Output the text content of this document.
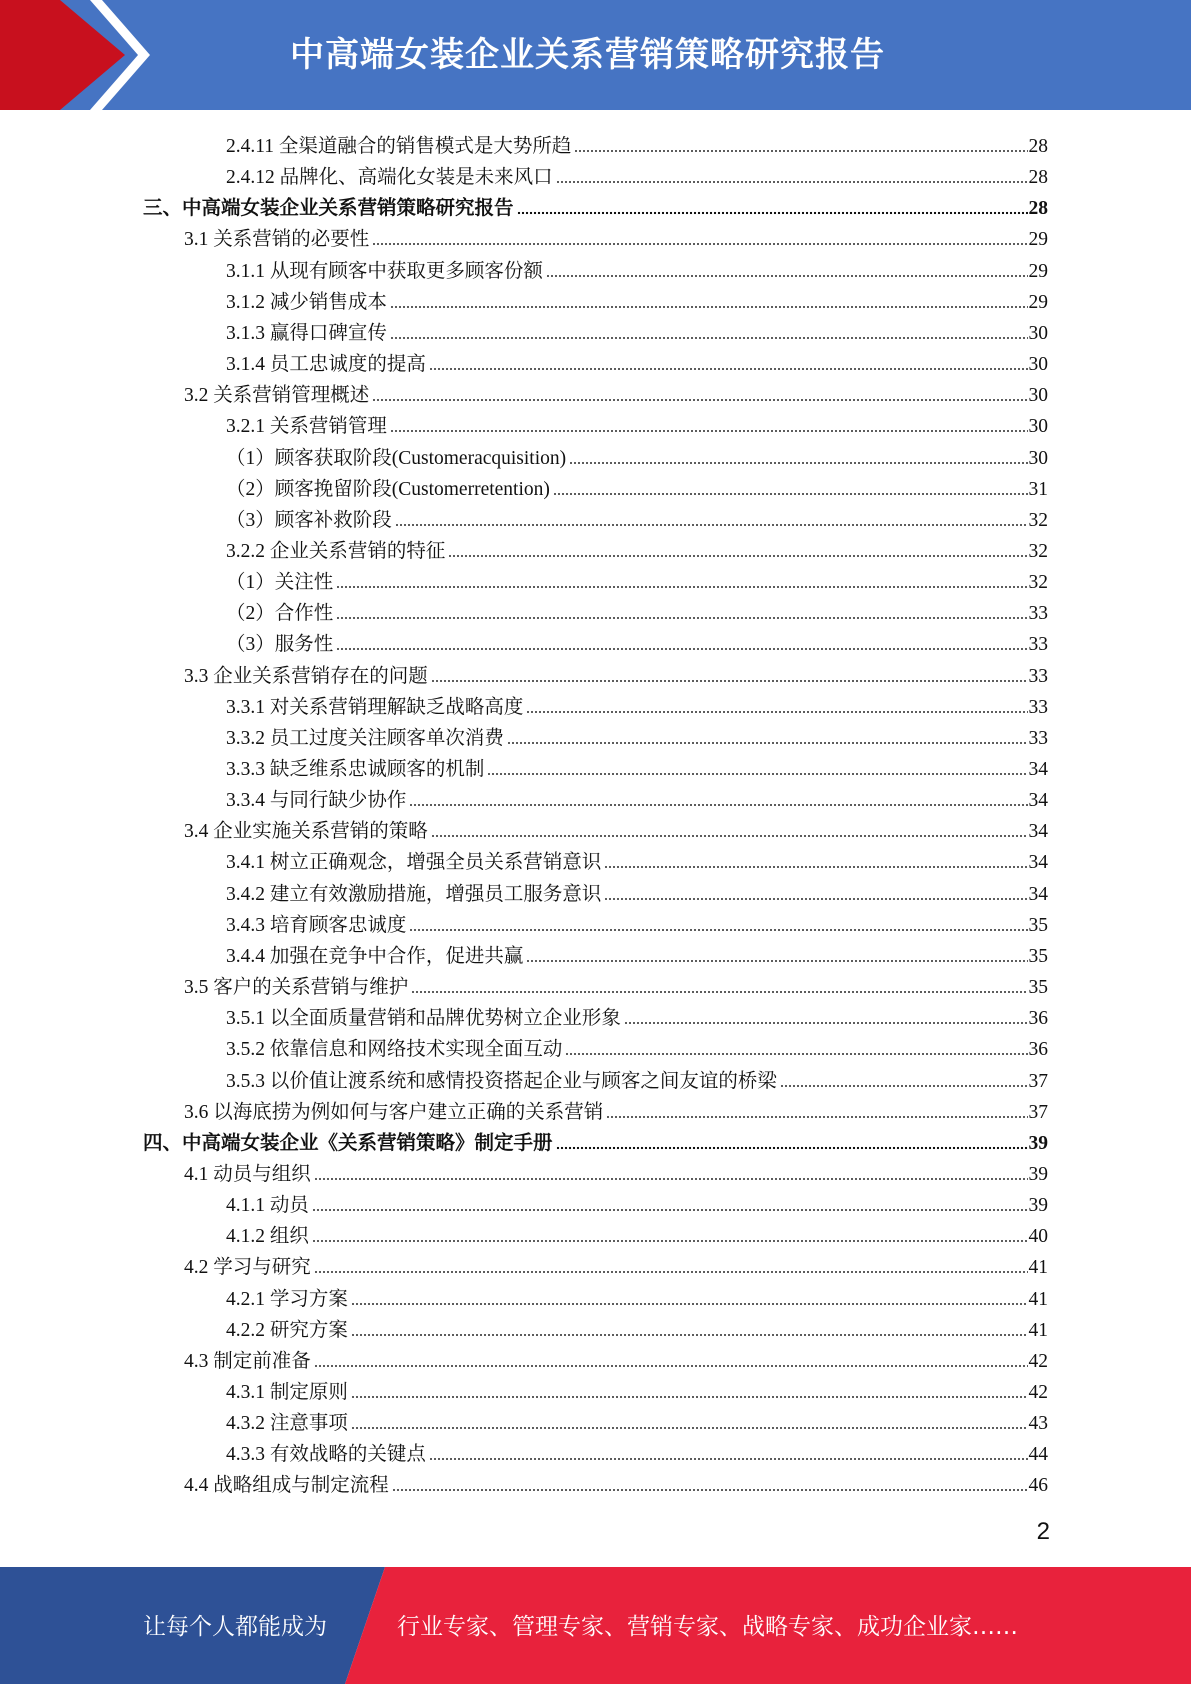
中高端女装企业关系营销策略研究报告
2.4.11 全渠道融合的销售模式是大势所趋	28
2.4.12 品牌化、高端化女装是未来风口	28
三、中高端女装企业关系营销策略研究报告	28
3.1 关系营销的必要性	29
3.1.1 从现有顾客中获取更多顾客份额	29
3.1.2 减少销售成本	29
3.1.3 赢得口碑宣传	30
3.1.4 员工忠诚度的提高	30
3.2 关系营销管理概述	30
3.2.1 关系营销管理	30
（1）顾客获取阶段(Customeracquisition)	30
（2）顾客挽留阶段(Customerretention)	31
（3）顾客补救阶段	32
3.2.2 企业关系营销的特征	32
（1）关注性	32
（2）合作性	33
（3）服务性	33
3.3 企业关系营销存在的问题	33
3.3.1 对关系营销理解缺乏战略高度	33
3.3.2 员工过度关注顾客单次消费	33
3.3.3 缺乏维系忠诚顾客的机制	34
3.3.4 与同行缺少协作	34
3.4 企业实施关系营销的策略	34
3.4.1 树立正确观念，增强全员关系营销意识	34
3.4.2 建立有效激励措施，增强员工服务意识	34
3.4.3 培育顾客忠诚度	35
3.4.4 加强在竞争中合作，促进共赢	35
3.5 客户的关系营销与维护	35
3.5.1 以全面质量营销和品牌优势树立企业形象	36
3.5.2 依靠信息和网络技术实现全面互动	36
3.5.3 以价值让渡系统和感情投资搭起企业与顾客之间友谊的桥梁	37
3.6 以海底捞为例如何与客户建立正确的关系营销	37
四、中高端女装企业《关系营销策略》制定手册	39
4.1 动员与组织	39
4.1.1 动员	39
4.1.2 组织	40
4.2 学习与研究	41
4.2.1 学习方案	41
4.2.2 研究方案	41
4.3 制定前准备	42
4.3.1 制定原则	42
4.3.2 注意事项	43
4.3.3 有效战略的关键点	44
4.4 战略组成与制定流程	46
2
让每个人都能成为	行业专家、管理专家、营销专家、战略专家、成功企业家……
